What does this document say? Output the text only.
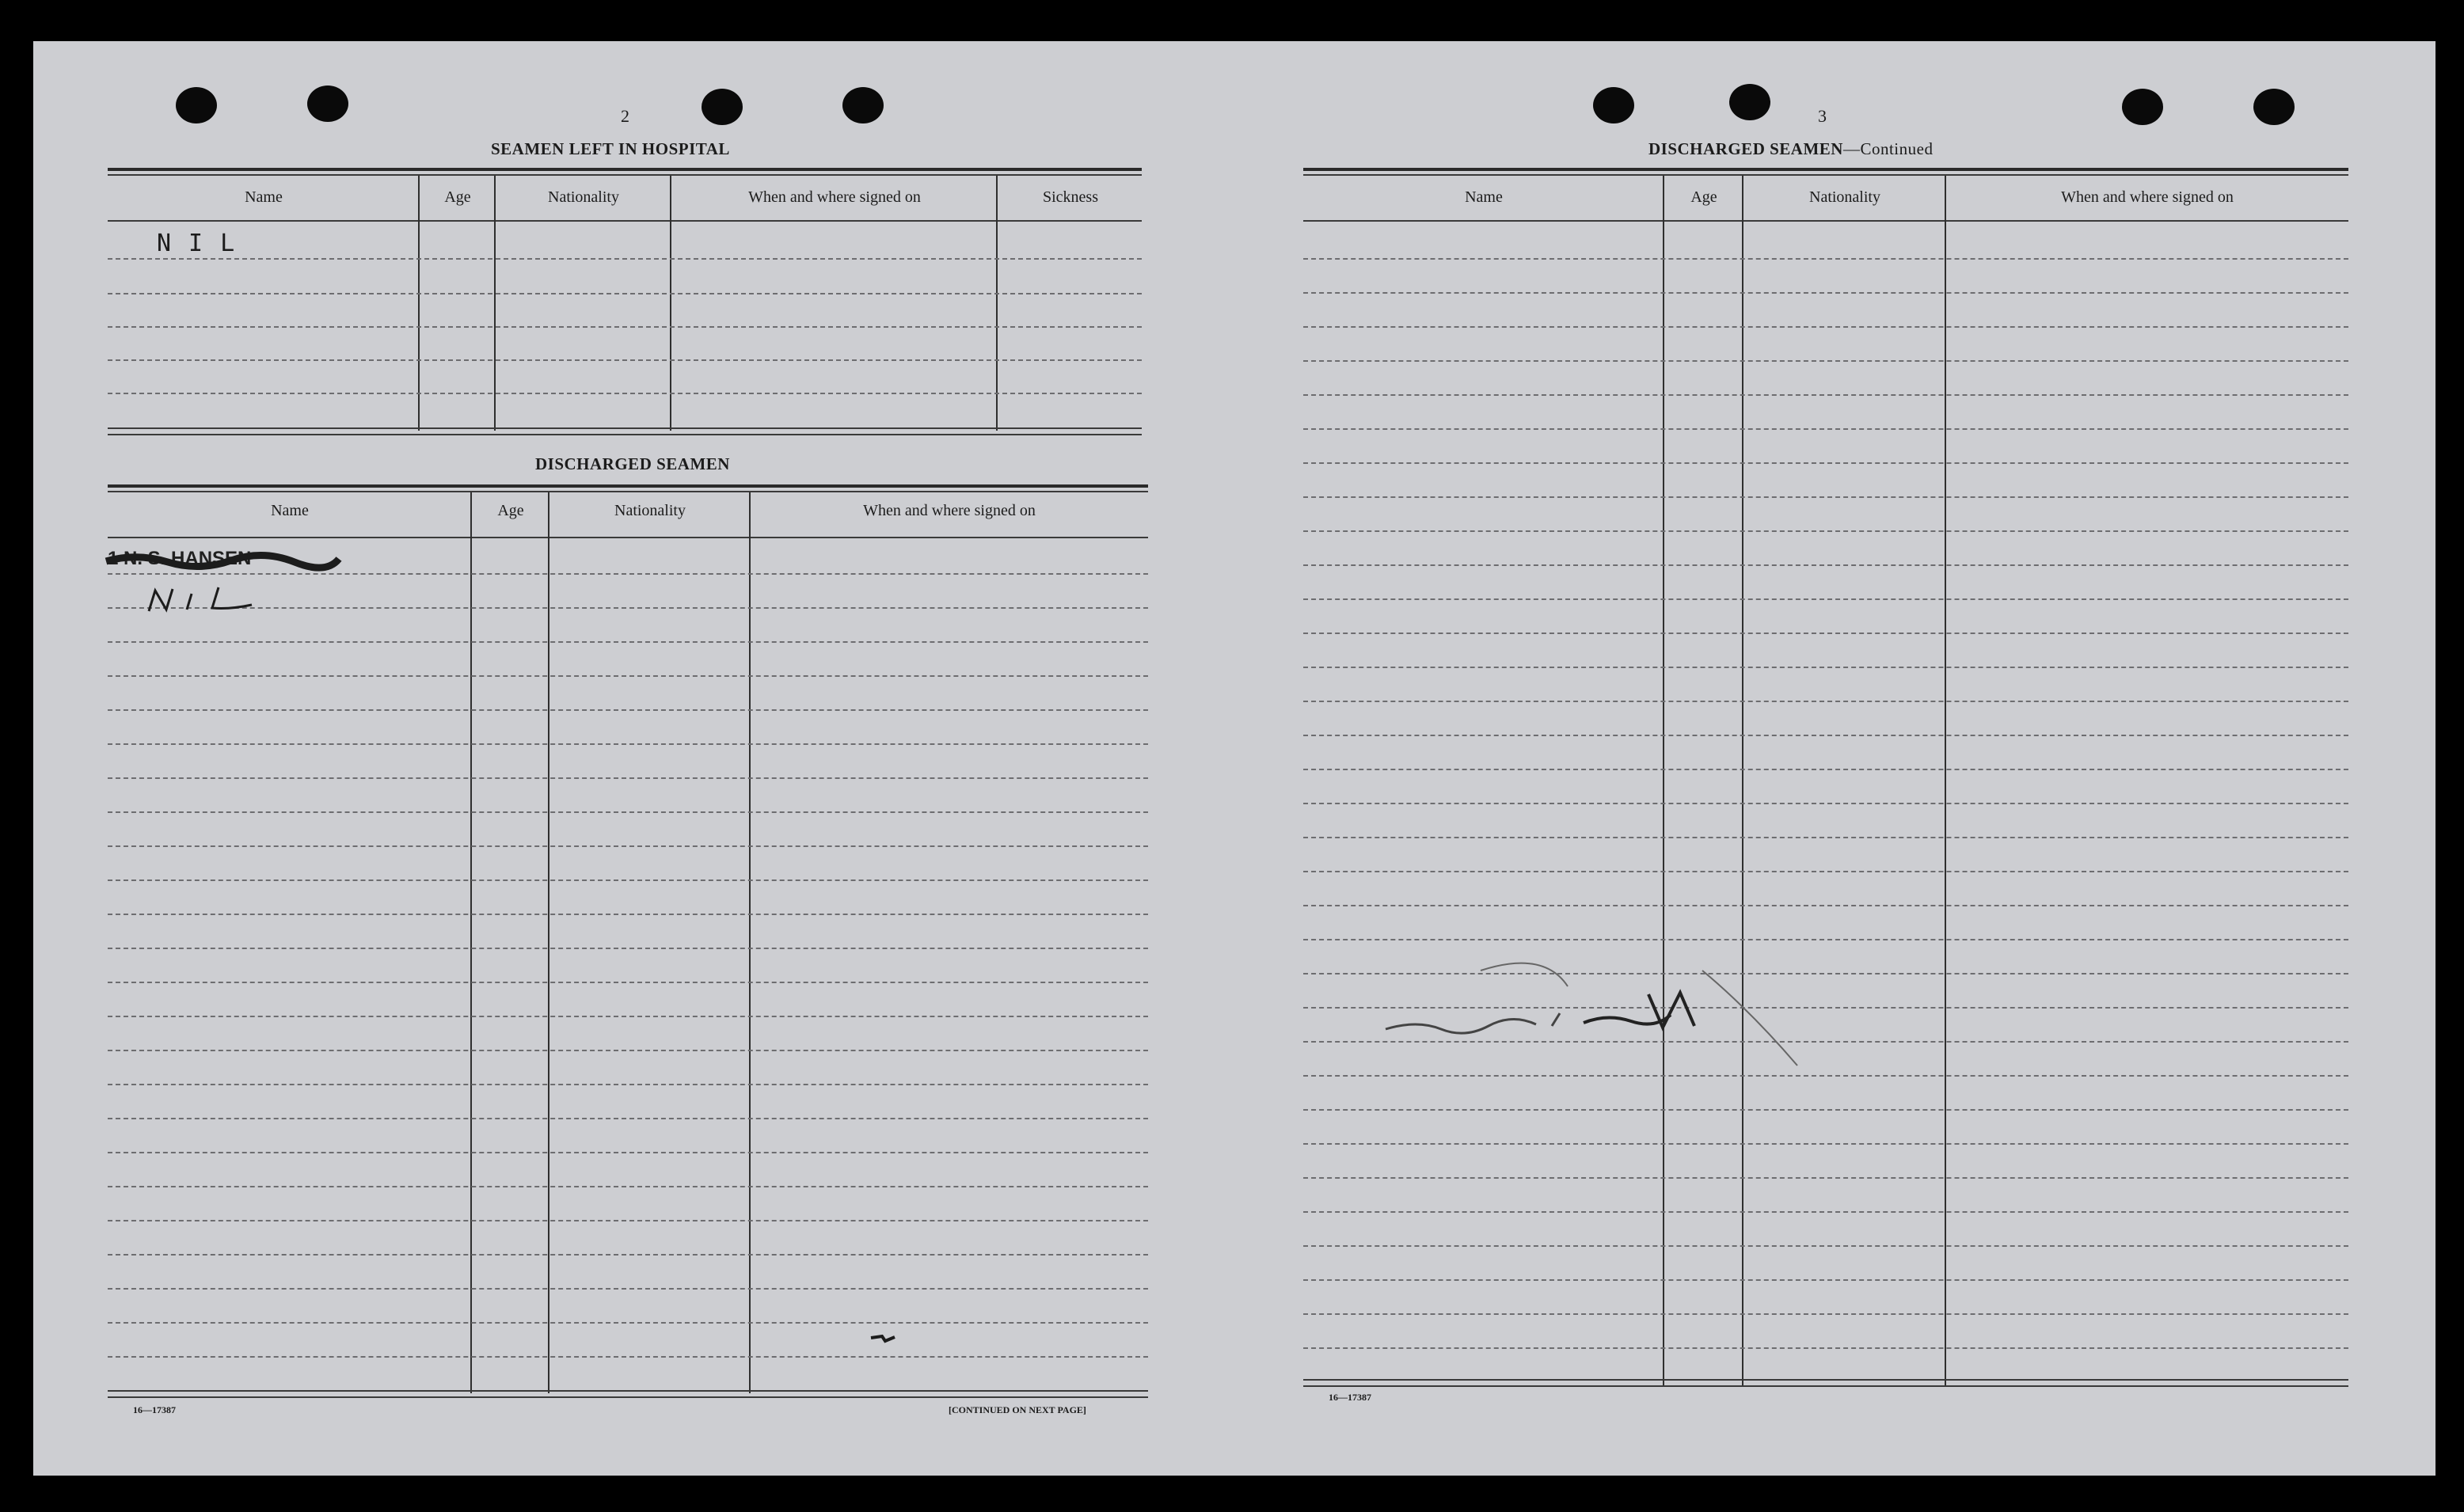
2
SEAMEN LEFT IN HOSPITAL
Name	Age	Nationality	When and where signed on	Sickness
NIL
DISCHARGED SEAMEN
Name	Age	Nationality	When and where signed on
1 N. S. HANSEN
16—17387	[CONTINUED ON NEXT PAGE]
3
DISCHARGED SEAMEN—Continued
Name	Age	Nationality	When and where signed on
16—17387
